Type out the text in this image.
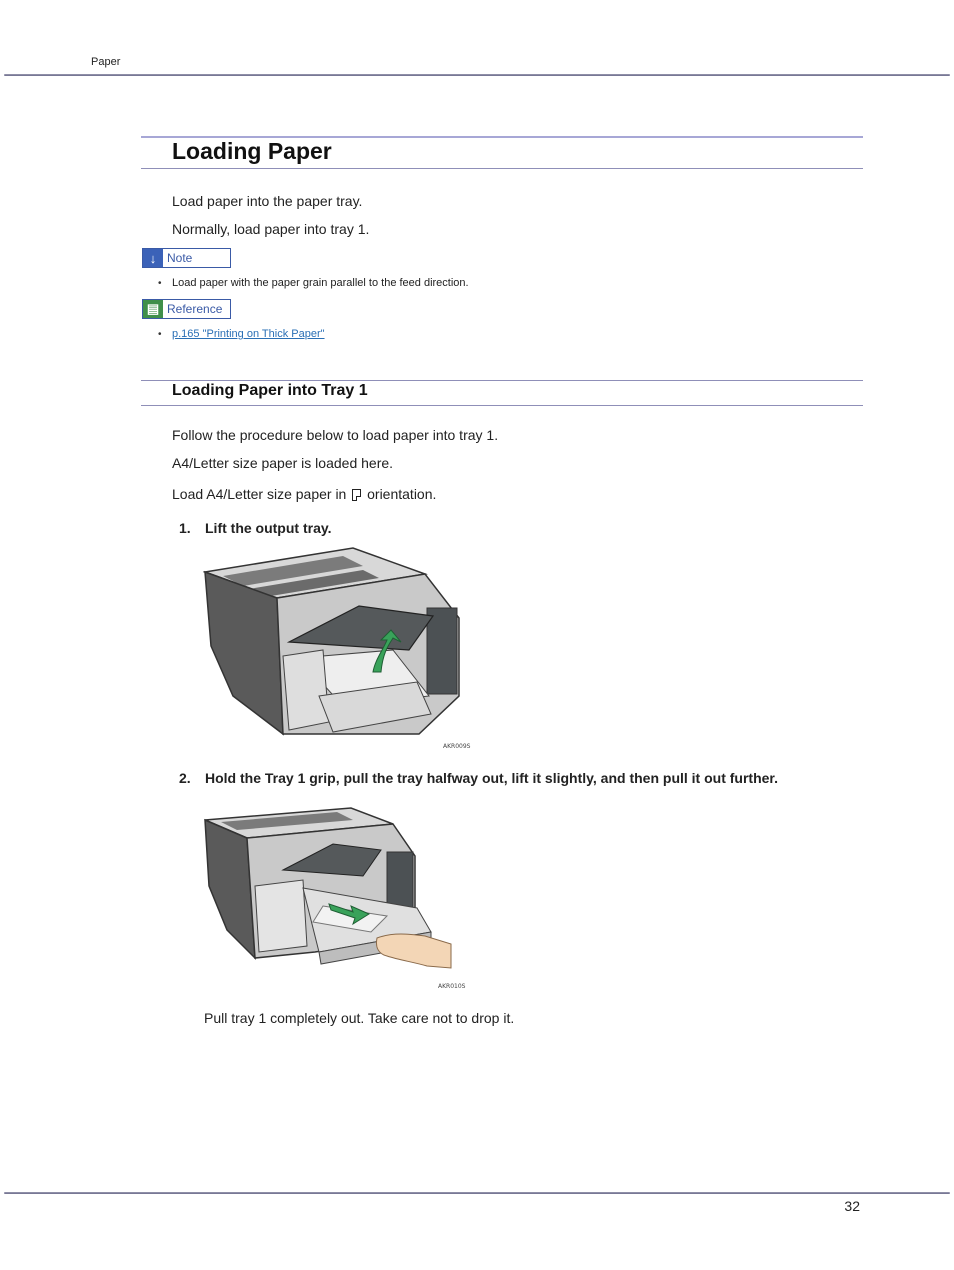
Paper
Loading Paper
Load paper into the paper tray.
Normally, load paper into tray 1.
↓ Note
• Load paper with the paper grain parallel to the feed direction.
▤ Reference
• p.165 "Printing on Thick Paper"
Loading Paper into Tray 1
Follow the procedure below to load paper into tray 1.
A4/Letter size paper is loaded here.
Load A4/Letter size paper in orientation.
1. Lift the output tray.
AKR009S
2. Hold the Tray 1 grip, pull the tray halfway out, lift it slightly, and then pull it out further.
AKR010S
Pull tray 1 completely out. Take care not to drop it.
32
